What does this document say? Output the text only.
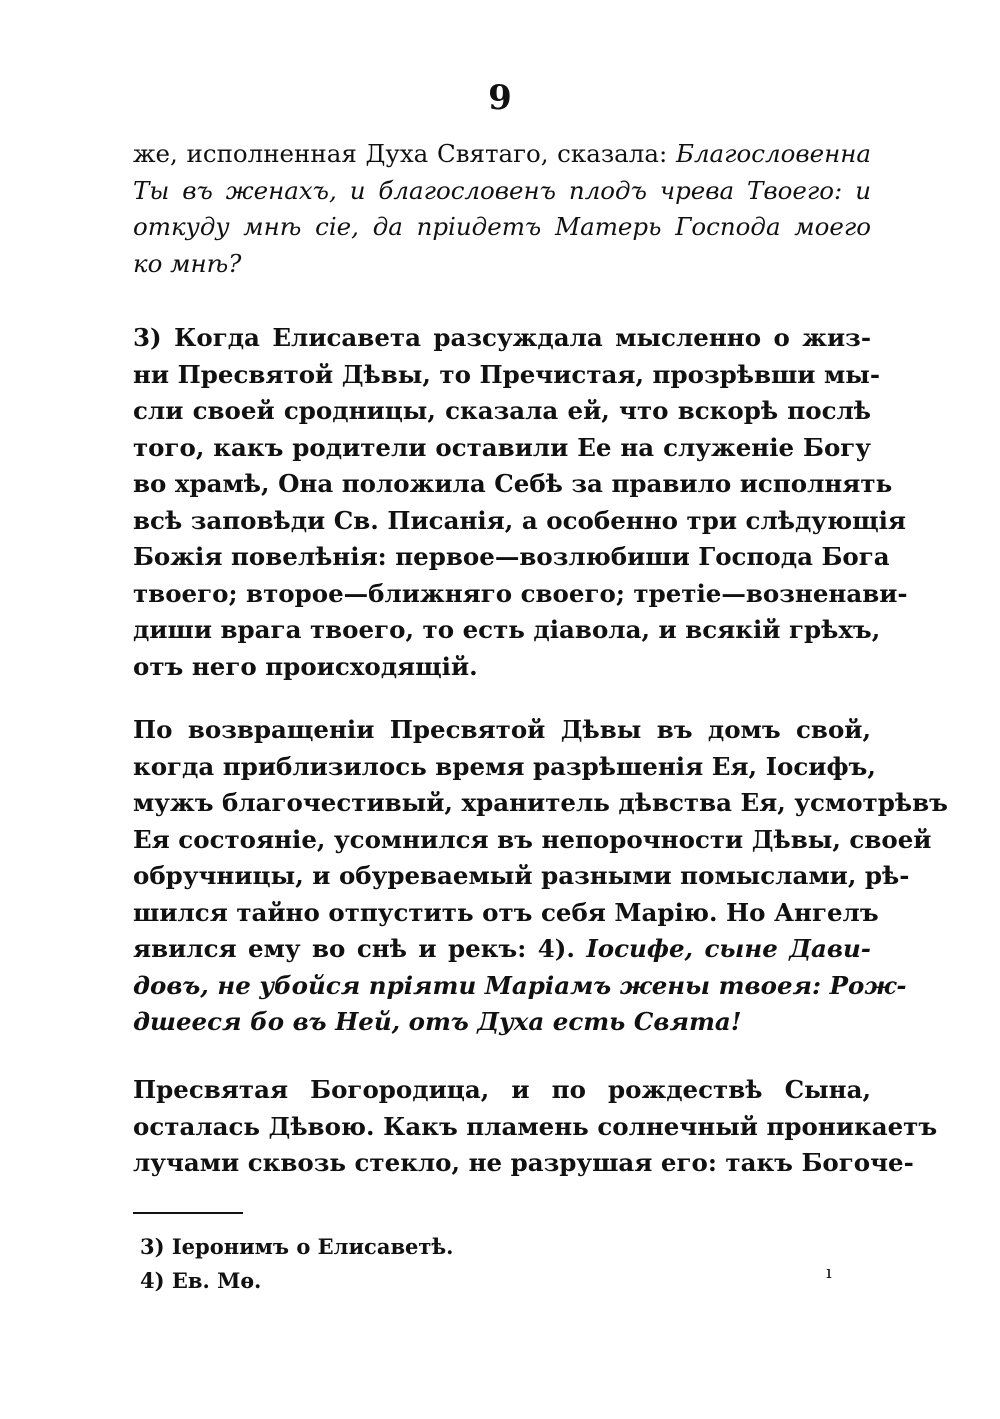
9
же, исполненная Духа Святаго, сказала: Благословенна
Ты въ женахъ, и благословенъ плодъ чрева Твоего: и
откуду мнѣ сіе, да пріидетъ Матерь Господа моего
ко мнѣ?
3) Когда Елисавета разсуждала мысленно о жиз-
ни Пресвятой Дѣвы, то Пречистая, прозрѣвши мы-
сли своей сродницы, сказала ей, что вскорѣ послѣ
того, какъ родители оставили Ее на служеніе Богу
во храмѣ, Она положила Себѣ за правило исполнять
всѣ заповѣди Св. Писанія, а особенно три слѣдующія
Божія повелѣнія: первое—возлюбиши Господа Бога
твоего; второе—ближняго своего; третіе—возненави-
диши врага твоего, то есть діавола, и всякій грѣхъ,
отъ него происходящій.
По возвращеніи Пресвятой Дѣвы въ домъ свой,
когда приблизилось время разрѣшенія Ея, Іосифъ,
мужъ благочестивый, хранитель дѣвства Ея, усмотрѣвъ
Ея состояніе, усомнился въ непорочности Дѣвы, своей
обручницы, и обуреваемый разными помыслами, рѣ-
шился тайно отпустить отъ себя Марію. Но Ангелъ
явился ему во снѣ и рекъ: 4). Іосифе, сыне Дави-
довъ, не убойся пріяти Маріамъ жены твоея: Рож-
дшееся бо въ Ней, отъ Духа есть Свята!
Пресвятая Богородица, и по рождествѣ Сына,
осталась Дѣвою. Какъ пламень солнечный проникаетъ
лучами сквозь стекло, не разрушая его: такъ Богоче-
3) Іеронимъ о Елисаветѣ.
4) Ев. Мѳ.	ı
